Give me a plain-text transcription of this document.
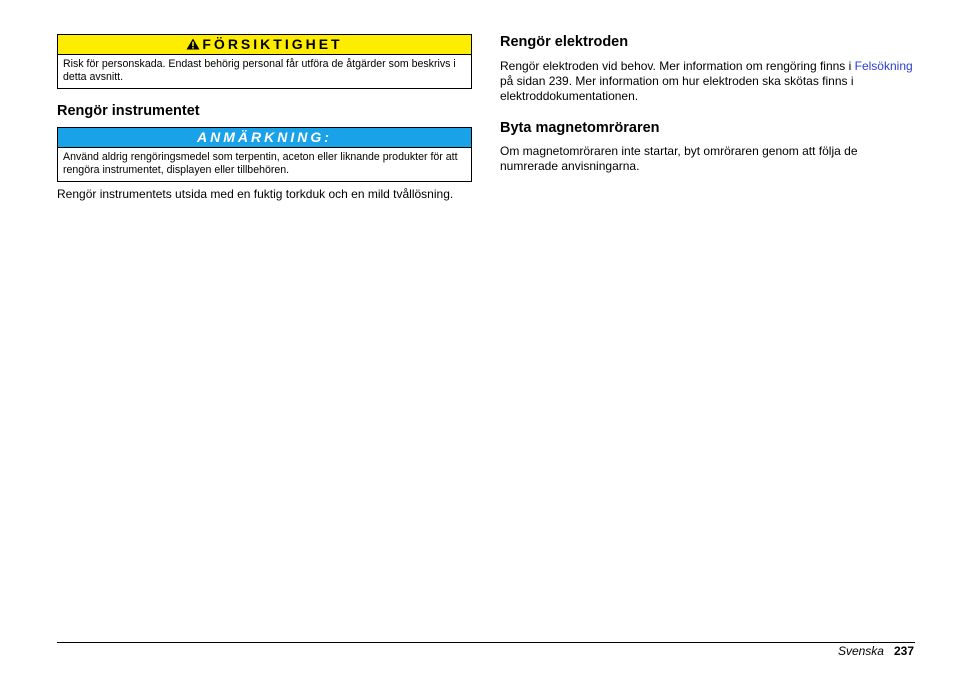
FÖRSIKTIGHET
Risk för personskada. Endast behörig personal får utföra de åtgärder som beskrivs i detta avsnitt.
Rengör instrumentet
ANMÄRKNING:
Använd aldrig rengöringsmedel som terpentin, aceton eller liknande produkter för att rengöra instrumentet, displayen eller tillbehören.

Rengör instrumentets utsida med en fuktig torkduk och en mild tvållösning.

Rengör elektroden

Rengör elektroden vid behov. Mer information om rengöring finns i Felsökning på sidan 239. Mer information om hur elektroden ska skötas finns i elektroddokumentationen.

Byta magnetomröraren

Om magnetomröraren inte startar, byt omröraren genom att följa de numrerade anvisningarna.

Svenska 237
